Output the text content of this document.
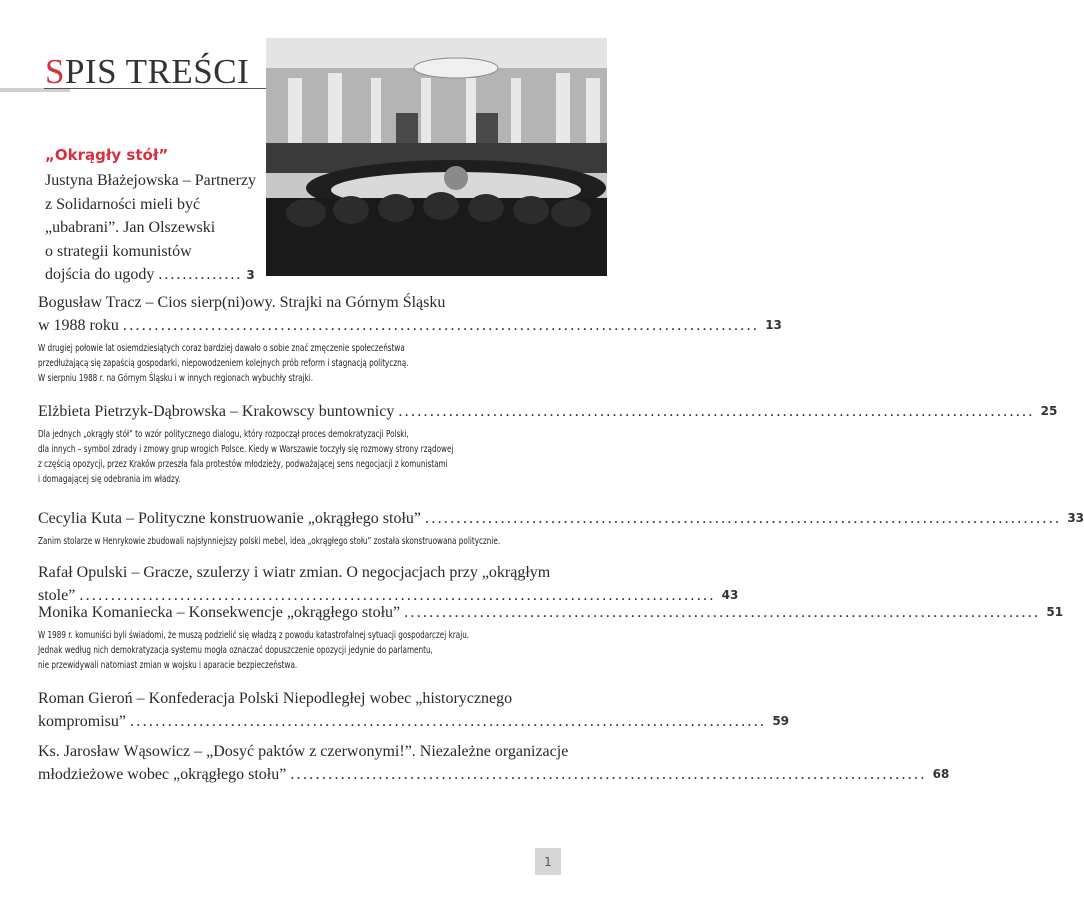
SPIS TREŚCI
„Okrągły stół”
Justyna Błażejowska – Partnerzy
z Solidarności mieli być
„ubabrani”. Jan Olszewski
o strategii komunistów
dojścia do ugody .............. 3
Bogusław Tracz – Cios sierp(ni)owy. Strajki na Górnym Śląsku
w 1988 roku ..................................................................................................... 13
W drugiej połowie lat osiemdziesiątych coraz bardziej dawało o sobie znać zmęczenie społeczeństwa
przedłużającą się zapaścią gospodarki, niepowodzeniem kolejnych prób reform i stagnacją polityczną.
W sierpniu 1988 r. na Górnym Śląsku i w innych regionach wybuchły strajki.
Elżbieta Pietrzyk-Dąbrowska – Krakowscy buntownicy ..................................................................................................... 25
Dla jednych „okrągły stół” to wzór politycznego dialogu, który rozpoczął proces demokratyzacji Polski,
dla innych – symbol zdrady i zmowy grup wrogich Polsce. Kiedy w Warszawie toczyły się rozmowy strony rządowej
z częścią opozycji, przez Kraków przeszła fala protestów młodzieży, podważającej sens negocjacji z komunistami
i domagającej się odebrania im władzy.
Cecylia Kuta – Polityczne konstruowanie „okrągłego stołu” ..................................................................................................... 33
Zanim stolarze w Henrykowie zbudowali najsłynniejszy polski mebel, idea „okrągłego stołu” została skonstruowana politycznie.
Rafał Opulski – Gracze, szulerzy i wiatr zmian. O negocjacjach przy „okrągłym
stole” ..................................................................................................... 43
Monika Komaniecka – Konsekwencje „okrągłego stołu” ..................................................................................................... 51
W 1989 r. komuniści byli świadomi, że muszą podzielić się władzą z powodu katastrofalnej sytuacji gospodarczej kraju.
Jednak według nich demokratyzacja systemu mogła oznaczać dopuszczenie opozycji jedynie do parlamentu,
nie przewidywali natomiast zmian w wojsku i aparacie bezpieczeństwa.
Roman Gieroń – Konfederacja Polski Niepodległej wobec „historycznego
kompromisu” ..................................................................................................... 59
Ks. Jarosław Wąsowicz – „Dosyć paktów z czerwonymi!”. Niezależne organizacje
młodzieżowe wobec „okrągłego stołu” ..................................................................................................... 68
1
